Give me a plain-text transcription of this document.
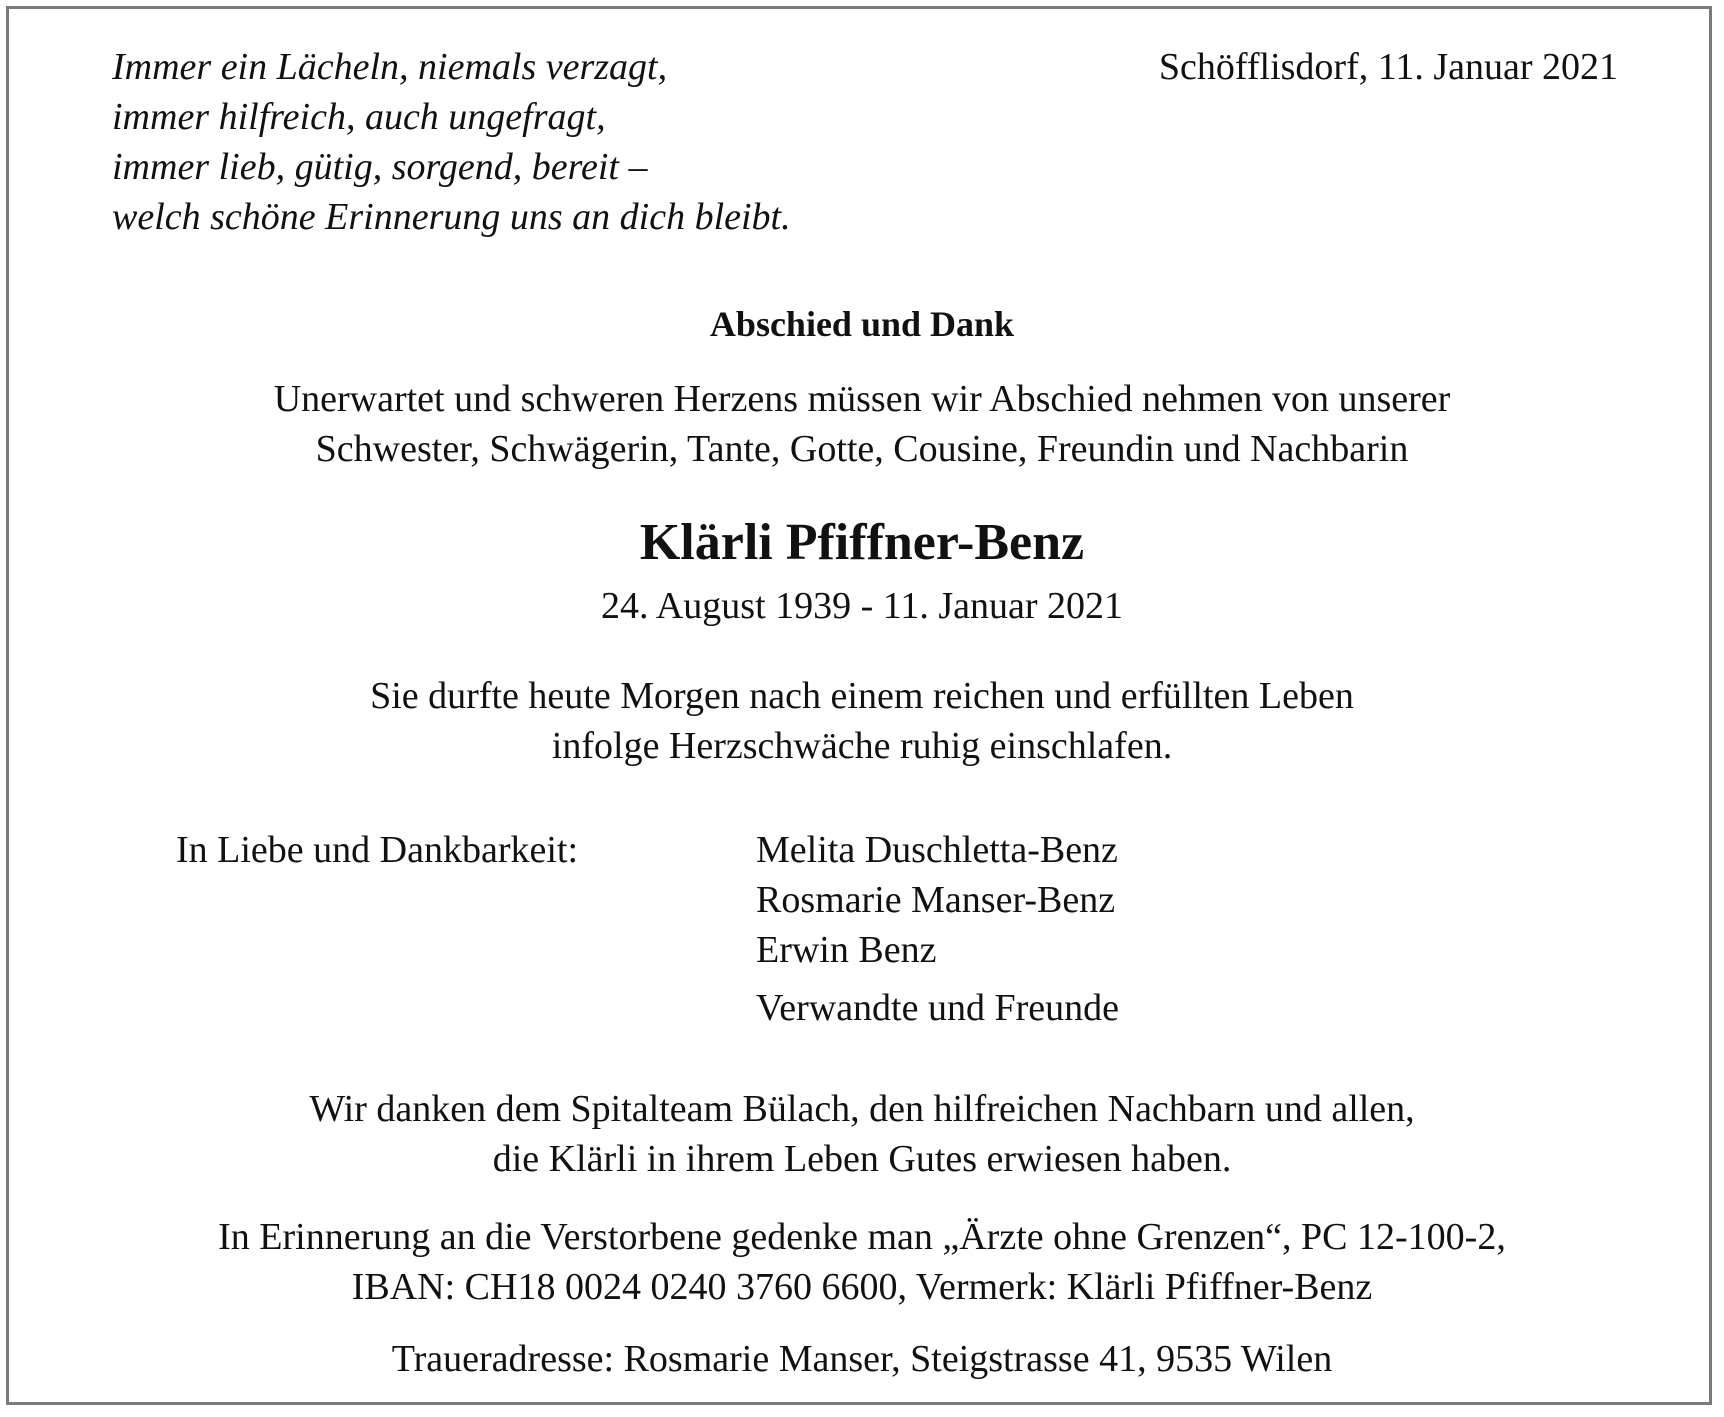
Immer ein Lächeln, niemals verzagt,
immer hilfreich, auch ungefragt,
immer lieb, gütig, sorgend, bereit –
welch schöne Erinnerung uns an dich bleibt.
Schöfflisdorf, 11. Januar 2021
Abschied und Dank
Unerwartet und schweren Herzens müssen wir Abschied nehmen von unserer
Schwester, Schwägerin, Tante, Gotte, Cousine, Freundin und Nachbarin
Klärli Pfiffner-Benz
24. August 1939 - 11. Januar 2021
Sie durfte heute Morgen nach einem reichen und erfüllten Leben
infolge Herzschwäche ruhig einschlafen.
In Liebe und Dankbarkeit:	Melita Duschletta-Benz
Rosmarie Manser-Benz
Erwin Benz
Verwandte und Freunde
Wir danken dem Spitalteam Bülach, den hilfreichen Nachbarn und allen,
die Klärli in ihrem Leben Gutes erwiesen haben.
In Erinnerung an die Verstorbene gedenke man „Ärzte ohne Grenzen“, PC 12-100-2,
IBAN: CH18 0024 0240 3760 6600, Vermerk: Klärli Pfiffner-Benz
Traueradresse: Rosmarie Manser, Steigstrasse 41, 9535 Wilen
